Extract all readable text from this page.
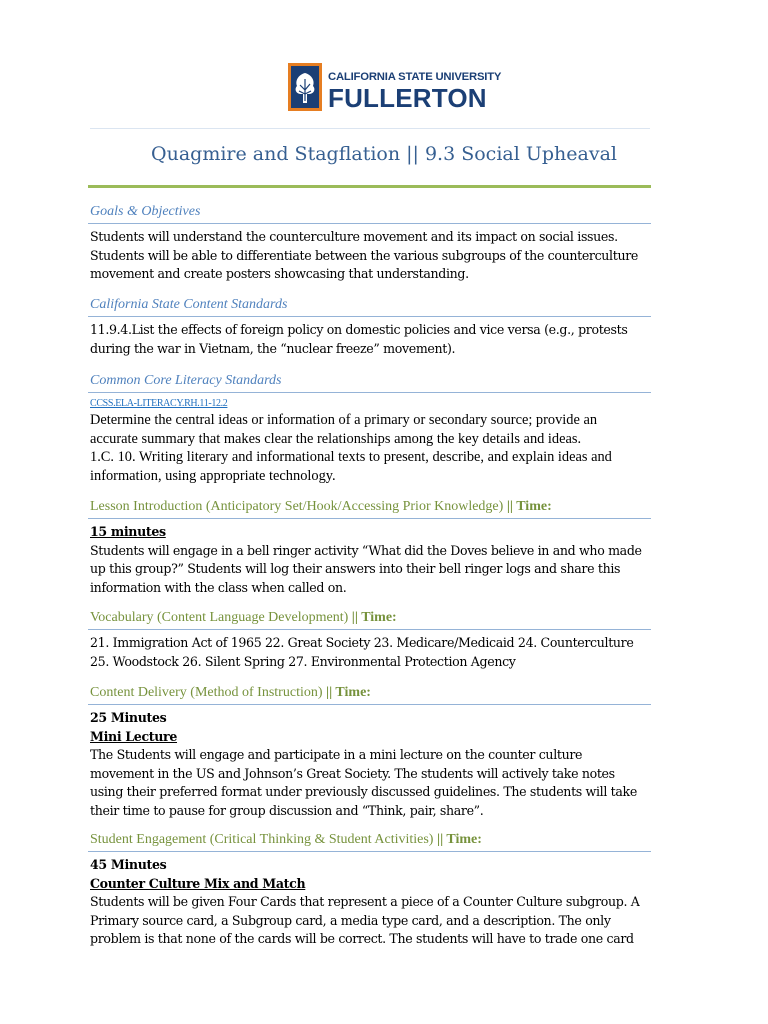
CALIFORNIA STATE UNIVERSITY
FULLERTON
Quagmire and Stagflation || 9.3 Social Upheaval
Goals & Objectives
Students will understand the counterculture movement and its impact on social issues.
Students will be able to differentiate between the various subgroups of the counterculture
movement and create posters showcasing that understanding.
California State Content Standards
11.9.4.List the effects of foreign policy on domestic policies and vice versa (e.g., protests
during the war in Vietnam, the “nuclear freeze” movement).
Common Core Literacy Standards
CCSS.ELA-LITERACY.RH.11-12.2
Determine the central ideas or information of a primary or secondary source; provide an
accurate summary that makes clear the relationships among the key details and ideas.
1.C. 10. Writing literary and informational texts to present, describe, and explain ideas and
information, using appropriate technology.
Lesson Introduction (Anticipatory Set/Hook/Accessing Prior Knowledge) || Time:
15 minutes
Students will engage in a bell ringer activity “What did the Doves believe in and who made
up this group?” Students will log their answers into their bell ringer logs and share this
information with the class when called on.
Vocabulary (Content Language Development) || Time:
21. Immigration Act of 1965 22. Great Society 23. Medicare/Medicaid 24. Counterculture
25. Woodstock 26. Silent Spring 27. Environmental Protection Agency
Content Delivery (Method of Instruction) || Time:
25 Minutes
Mini Lecture
The Students will engage and participate in a mini lecture on the counter culture
movement in the US and Johnson’s Great Society. The students will actively take notes
using their preferred format under previously discussed guidelines. The students will take
their time to pause for group discussion and “Think, pair, share”.
Student Engagement (Critical Thinking & Student Activities) || Time:
45 Minutes
Counter Culture Mix and Match
Students will be given Four Cards that represent a piece of a Counter Culture subgroup. A
Primary source card, a Subgroup card, a media type card, and a description. The only
problem is that none of the cards will be correct. The students will have to trade one card
